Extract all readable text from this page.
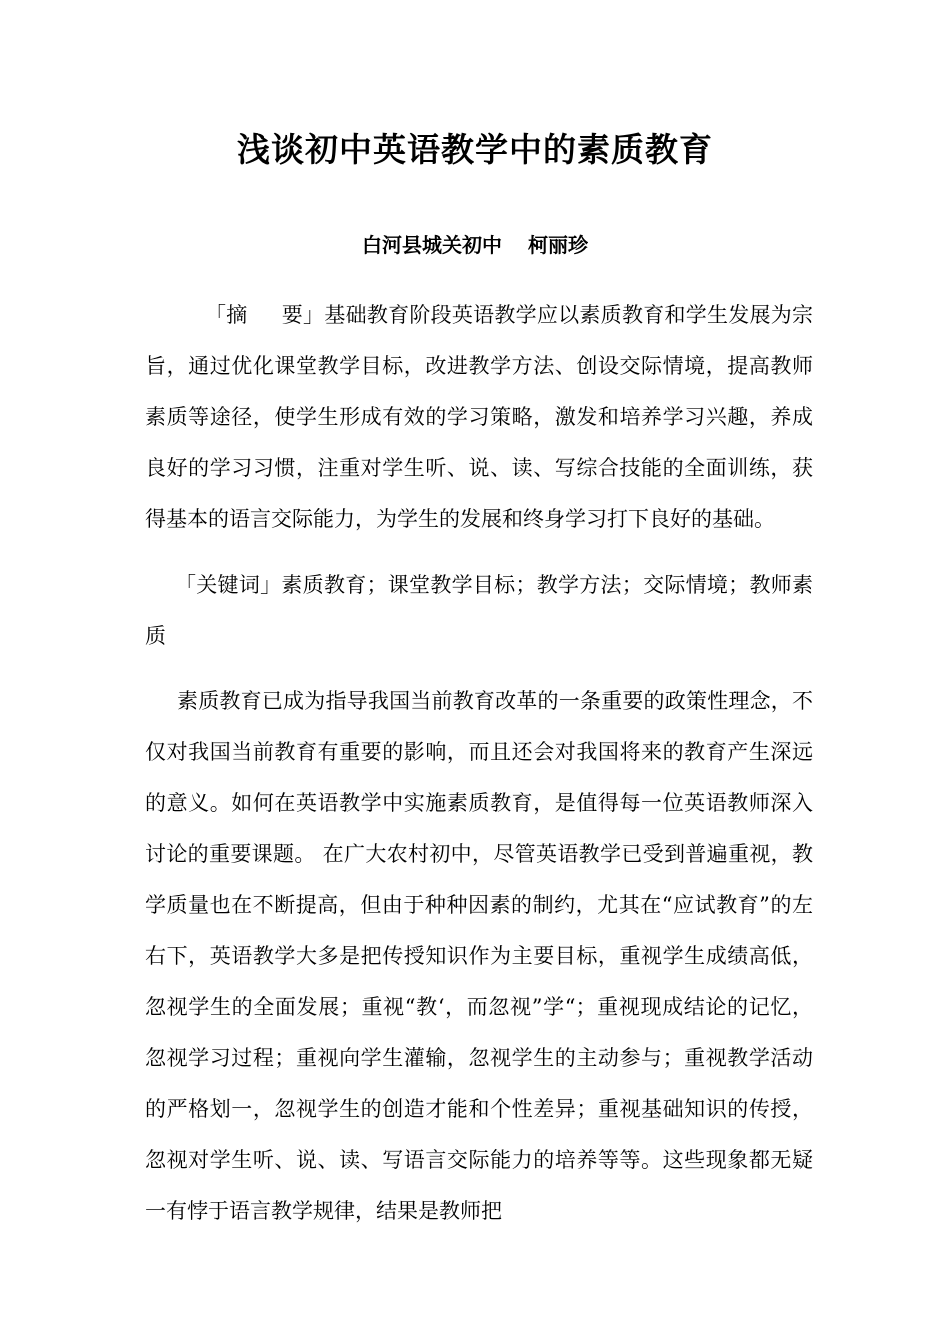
浅谈初中英语教学中的素质教育
白河县城关初中 柯丽珍

「摘 要」基础教育阶段英语教学应以素质教育和学生发展为宗旨，通过优化课堂教学目标，改进教学方法、创设交际情境，提高教师素质等途径，使学生形成有效的学习策略，激发和培养学习兴趣，养成良好的学习习惯，注重对学生听、说、读、写综合技能的全面训练，获得基本的语言交际能力，为学生的发展和终身学习打下良好的基础。

「关键词」素质教育；课堂教学目标；教学方法；交际情境；教师素质

素质教育已成为指导我国当前教育改革的一条重要的政策性理念，不仅对我国当前教育有重要的影响，而且还会对我国将来的教育产生深远的意义。如何在英语教学中实施素质教育，是值得每一位英语教师深入讨论的重要课题。 在广大农村初中，尽管英语教学已受到普遍重视，教学质量也在不断提高，但由于种种因素的制约，尤其在“应试教育”的左右下，英语教学大多是把传授知识作为主要目标，重视学生成绩高低，忽视学生的全面发展；重视“教‘，而忽视”学“；重视现成结论的记忆，忽视学习过程；重视向学生灌输，忽视学生的主动参与；重视教学活动的严格划一，忽视学生的创造才能和个性差异；重视基础知识的传授，忽视对学生听、说、读、写语言交际能力的培养等等。这些现象都无疑一有悖于语言教学规律，结果是教师把
